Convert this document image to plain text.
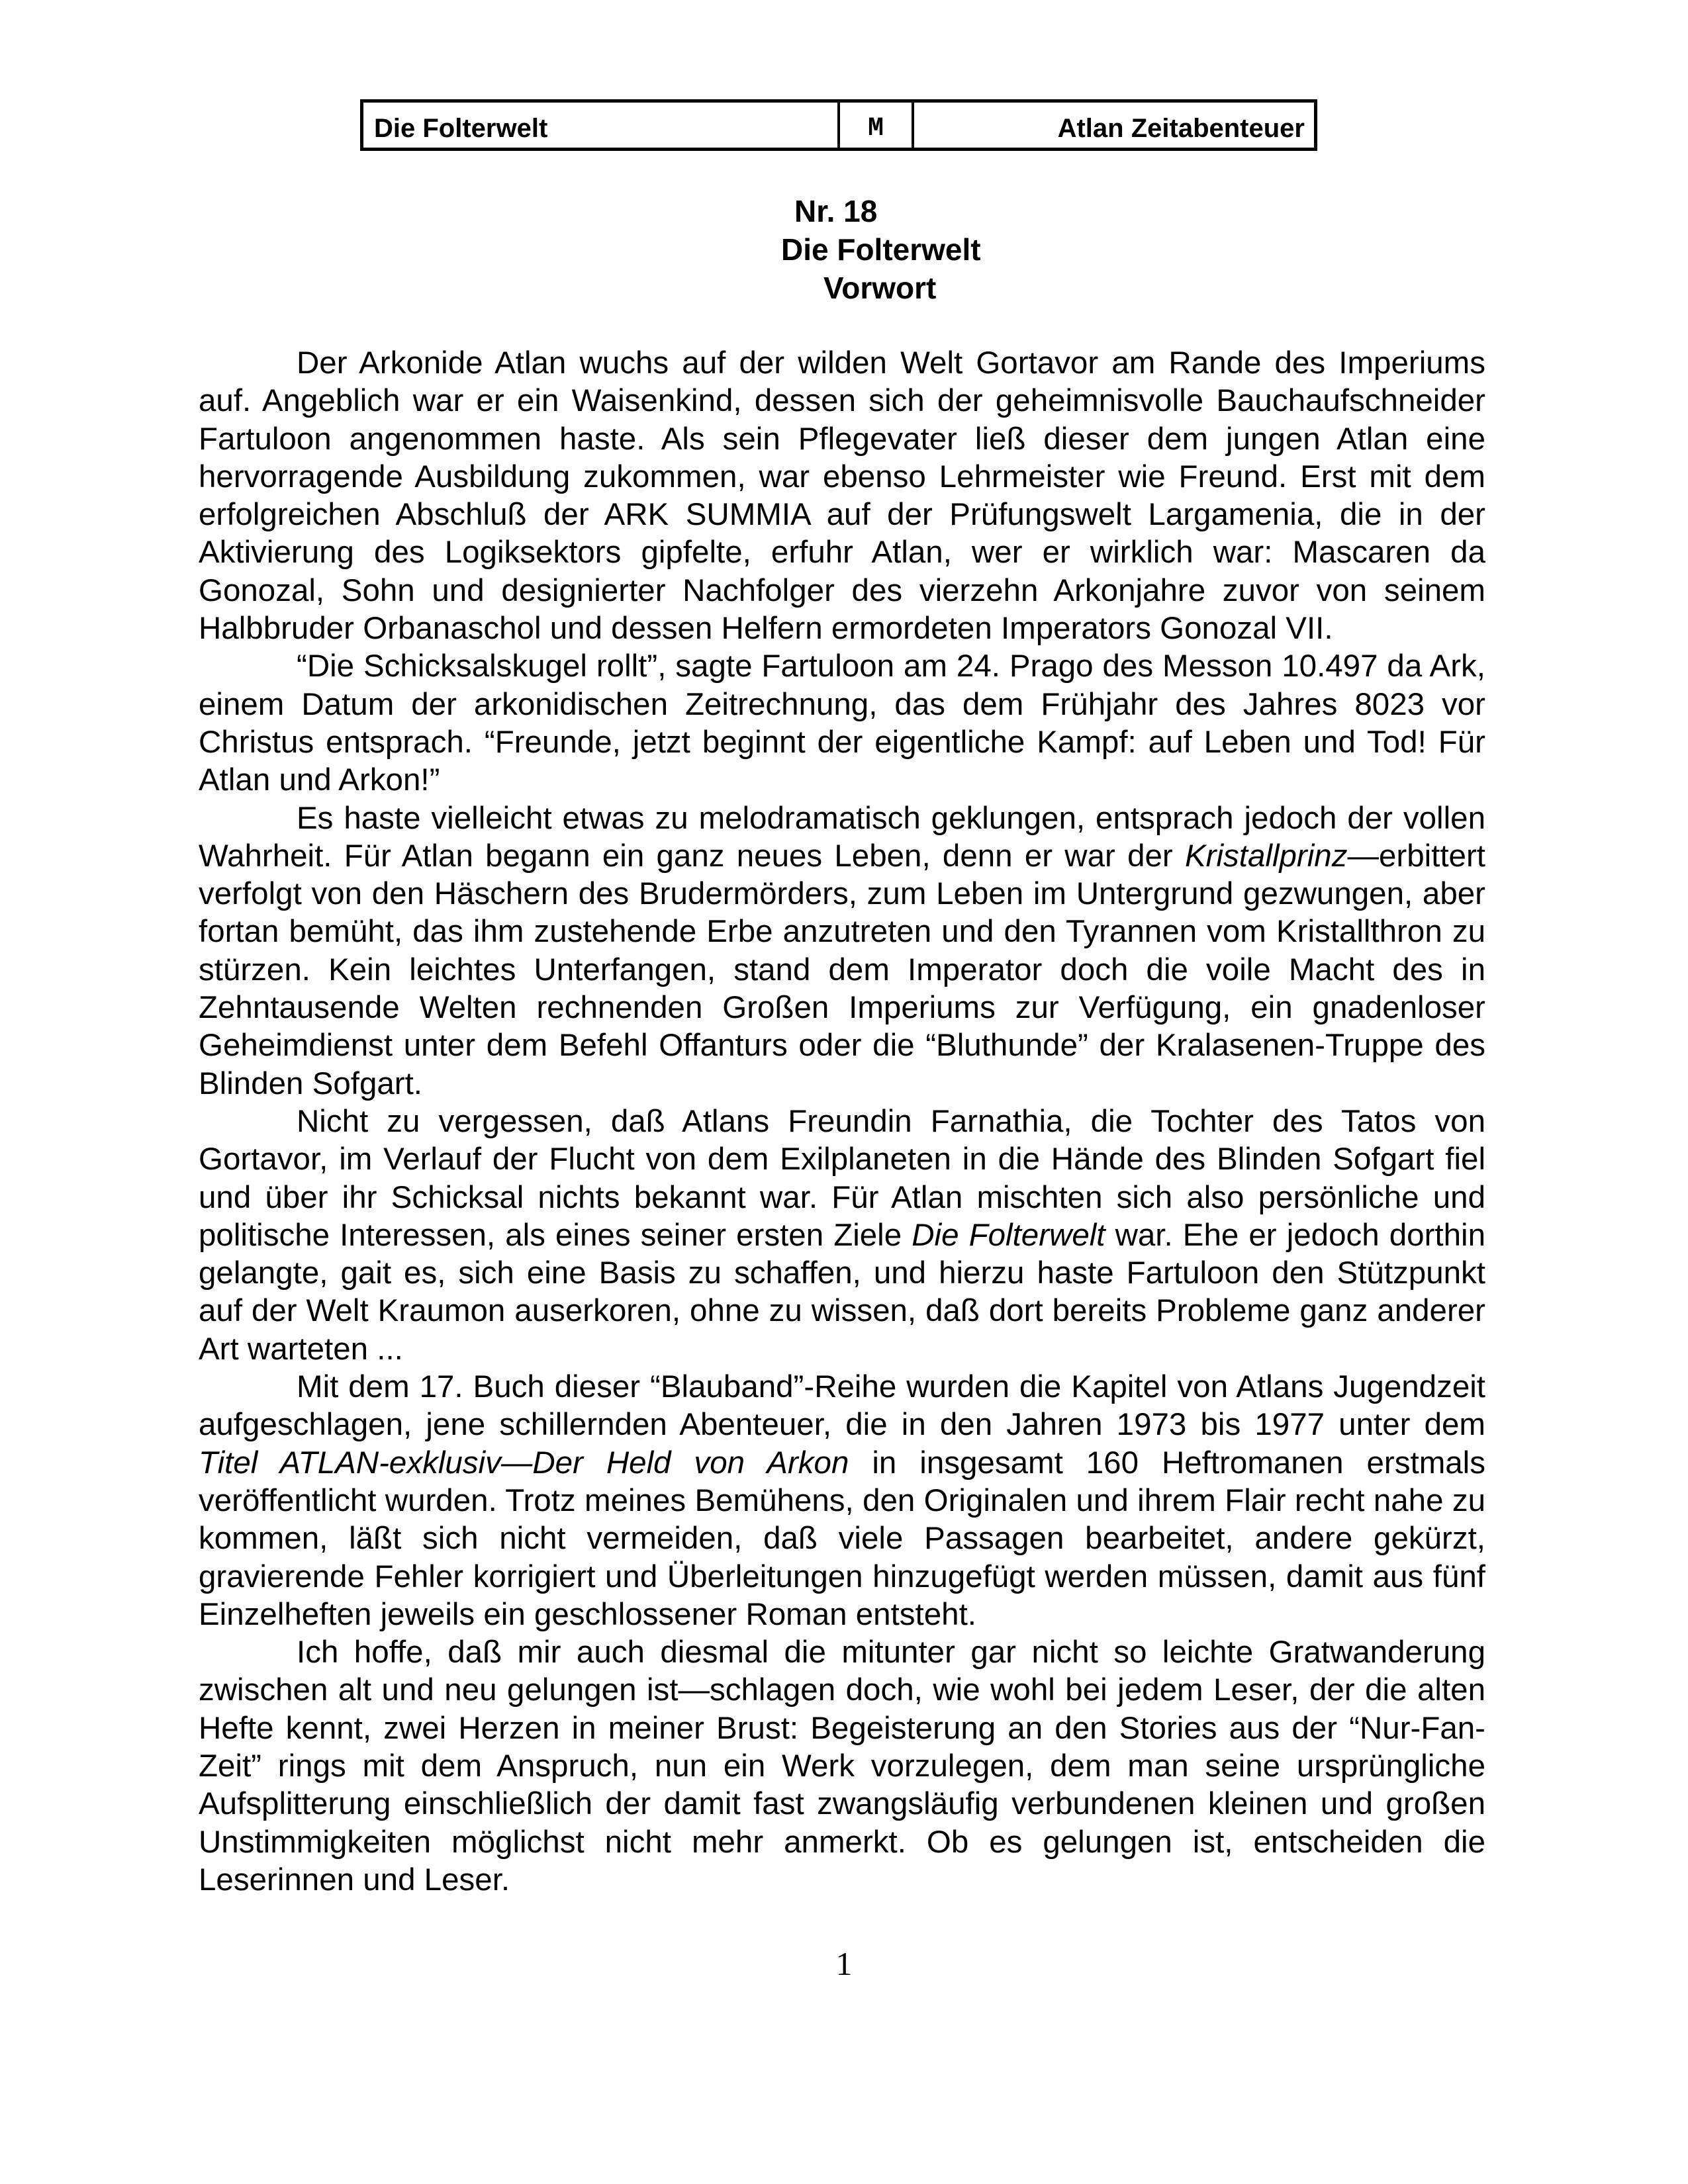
Die Folterwelt	M	Atlan Zeitabenteuer
Nr. 18
Die Folterwelt
Vorwort

Der Arkonide Atlan wuchs auf der wilden Welt Gortavor am Rande des Imperiums auf. Angeblich war er ein Waisenkind, dessen sich der geheimnisvolle Bauchaufschneider Fartuloon angenommen haste. Als sein Pflegevater ließ dieser dem jungen Atlan eine hervorragende Ausbildung zukommen, war ebenso Lehrmeister wie Freund. Erst mit dem erfolgreichen Abschluß der ARK SUMMIA auf der Prüfungswelt Largamenia, die in der Aktivierung des Logiksektors gipfelte, erfuhr Atlan, wer er wirklich war: Mascaren da Gonozal, Sohn und designierter Nachfolger des vierzehn Arkonjahre zuvor von seinem Halbbruder Orbanaschol und dessen Helfern ermordeten Imperators Gonozal VII.

“Die Schicksalskugel rollt”, sagte Fartuloon am 24. Prago des Messon 10.497 da Ark, einem Datum der arkonidischen Zeitrechnung, das dem Frühjahr des Jahres 8023 vor Christus entsprach. “Freunde, jetzt beginnt der eigentliche Kampf: auf Leben und Tod! Für Atlan und Arkon!”

Es haste vielleicht etwas zu melodramatisch geklungen, entsprach jedoch der vollen Wahrheit. Für Atlan begann ein ganz neues Leben, denn er war der Kristallprinz—erbittert verfolgt von den Häschern des Brudermörders, zum Leben im Untergrund gezwungen, aber fortan bemüht, das ihm zustehende Erbe anzutreten und den Tyrannen vom Kristallthron zu stürzen. Kein leichtes Unterfangen, stand dem Imperator doch die voile Macht des in Zehntausende Welten rechnenden Großen Imperiums zur Verfügung, ein gnadenloser Geheimdienst unter dem Befehl Offanturs oder die “Bluthunde” der Kralasenen-Truppe des Blinden Sofgart.

Nicht zu vergessen, daß Atlans Freundin Farnathia, die Tochter des Tatos von Gortavor, im Verlauf der Flucht von dem Exilplaneten in die Hände des Blinden Sofgart fiel und über ihr Schicksal nichts bekannt war. Für Atlan mischten sich also persönliche und politische Interessen, als eines seiner ersten Ziele Die Folterwelt war. Ehe er jedoch dorthin gelangte, gait es, sich eine Basis zu schaffen, und hierzu haste Fartuloon den Stützpunkt auf der Welt Kraumon auserkoren, ohne zu wissen, daß dort bereits Probleme ganz anderer Art warteten ...

Mit dem 17. Buch dieser “Blauband”-Reihe wurden die Kapitel von Atlans Jugendzeit aufgeschlagen, jene schillernden Abenteuer, die in den Jahren 1973 bis 1977 unter dem Titel ATLAN-exklusiv—Der Held von Arkon in insgesamt 160 Heftromanen erstmals veröffentlicht wurden. Trotz meines Bemühens, den Originalen und ihrem Flair recht nahe zu kommen, läßt sich nicht vermeiden, daß viele Passagen bearbeitet, andere gekürzt, gravierende Fehler korrigiert und Überleitungen hinzugefügt werden müssen, damit aus fünf Einzelheften jeweils ein geschlossener Roman entsteht.

Ich hoffe, daß mir auch diesmal die mitunter gar nicht so leichte Gratwanderung zwischen alt und neu gelungen ist—schlagen doch, wie wohl bei jedem Leser, der die alten Hefte kennt, zwei Herzen in meiner Brust: Begeisterung an den Stories aus der “Nur-Fan-Zeit” rings mit dem Anspruch, nun ein Werk vorzulegen, dem man seine ursprüngliche Aufsplitterung einschließlich der damit fast zwangsläufig verbundenen kleinen und großen Unstimmigkeiten möglichst nicht mehr anmerkt. Ob es gelungen ist, entscheiden die Leserinnen und Leser.

1
